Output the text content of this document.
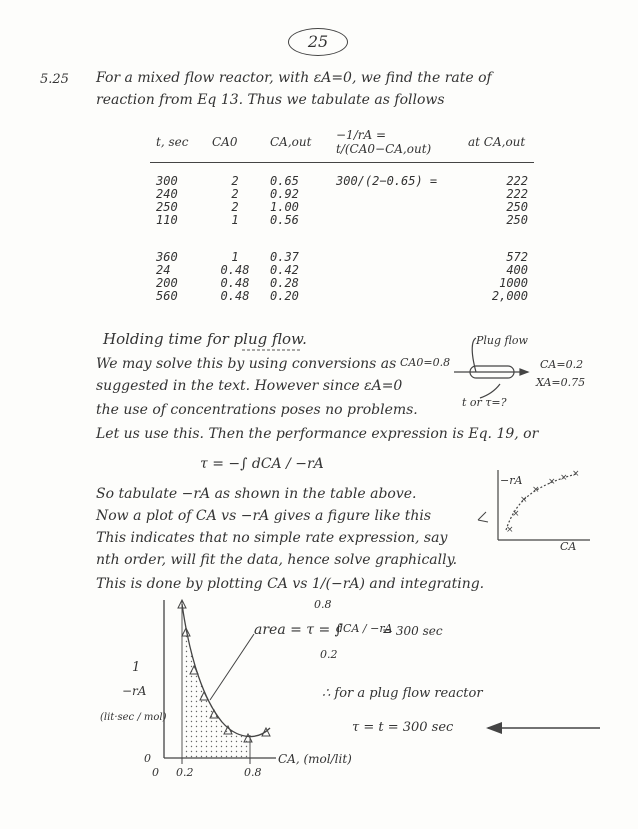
25
5.25 For a mixed flow reactor, with εA=0, we find the rate of
reaction from Eq 13. Thus we tabulate as follows
t, sec	CA0	CA,out	−1/rA = t/(CA0−CA,out)	at CA,out

300	2	0.65	300/(2−0.65) =	222
240	2	0.92		222
250	2	1.00		250
110	1	0.56		250

360	1	0.37		572
24	0.48	0.42		400
200	0.48	0.28		1000
560	0.48	0.20		2,000
Holding time for plug flow.
We may solve this by using conversions as
suggested in the text. However since εA=0
the use of concentrations poses no problems.
Let us use this. Then the performance expression is Eq. 19, or
τ = −∫ dCA / −rA
So tabulate −rA as shown in the table above.
Now a plot of CA vs −rA gives a figure like this
This indicates that no simple rate expression, say
nth order, will fit the data, hence solve graphically.
This is done by plotting CA vs 1/(−rA) and integrating.
Plug flow
CA0=0.8	CA=0.2
XA=0.75
t or τ=?
−rA
CA
1
−rA
(lit·sec / mol)
0
0 0.2	0.8
CA, (mol/lit)
area = τ = ∫
0.8
0.2
dCA / −rA
= 300 sec
∴ for a plug flow reactor
τ = t = 300 sec
×
×
×
×
× × ×
